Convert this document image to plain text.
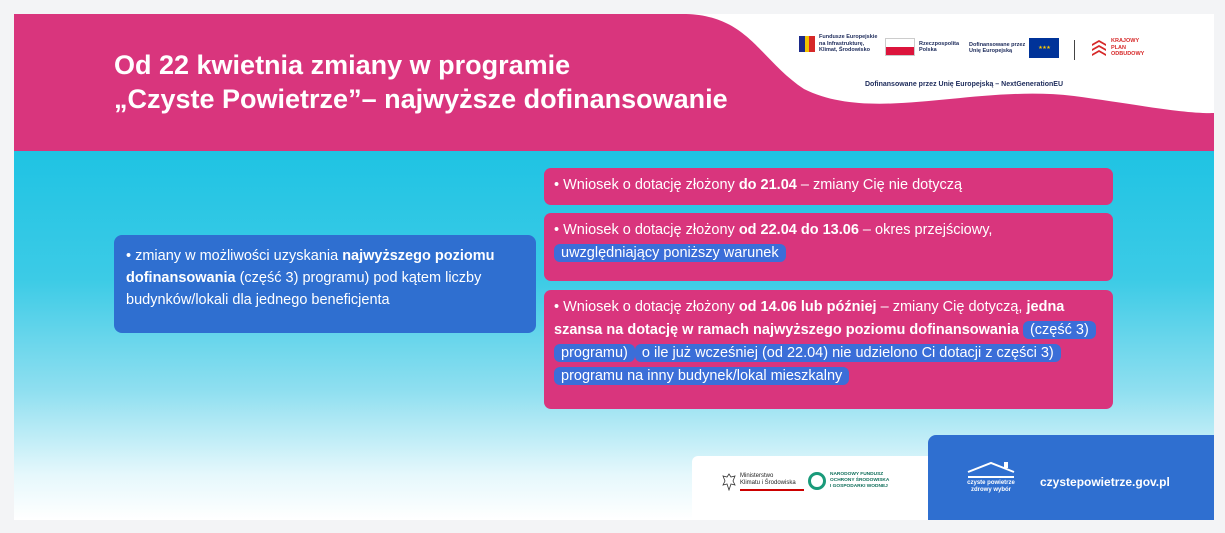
Od 22 kwietnia zmiany w programie
„Czyste Powietrze”– najwyższe dofinansowanie
Fundusze Europejskie
na Infrastrukturę,
Klimat, Środowisko
Rzeczpospolita
Polska
Dofinansowane przez
Unię Europejską	★★★
KRAJOWY
PLAN
ODBUDOWY
Dofinansowane przez Unię Europejską – NextGenerationEU
• zmiany w możliwości uzyskania najwyższego poziomu dofinansowania (część 3) programu) pod kątem liczby budynków/lokali dla jednego beneficjenta
• Wniosek o dotację złożony do 21.04 – zmiany Cię nie dotyczą
• Wniosek o dotację złożony od 22.04 do 13.06 – okres przejściowy,
uwzględniający poniższy warunek
• Wniosek o dotację złożony od 14.06 lub później – zmiany Cię dotyczą, jedna szansa na dotację w ramach najwyższego poziomu dofinansowania (część 3) programu) o ile już wcześniej (od 22.04) nie udzielono Ci dotacji z części 3) programu na inny budynek/lokal mieszkalny
Ministerstwo
Klimatu i Środowiska
NARODOWY FUNDUSZ
OCHRONY ŚRODOWISKA
I GOSPODARKI WODNEJ
czyste powietrze
zdrowy wybór
czystepowietrze.gov.pl
